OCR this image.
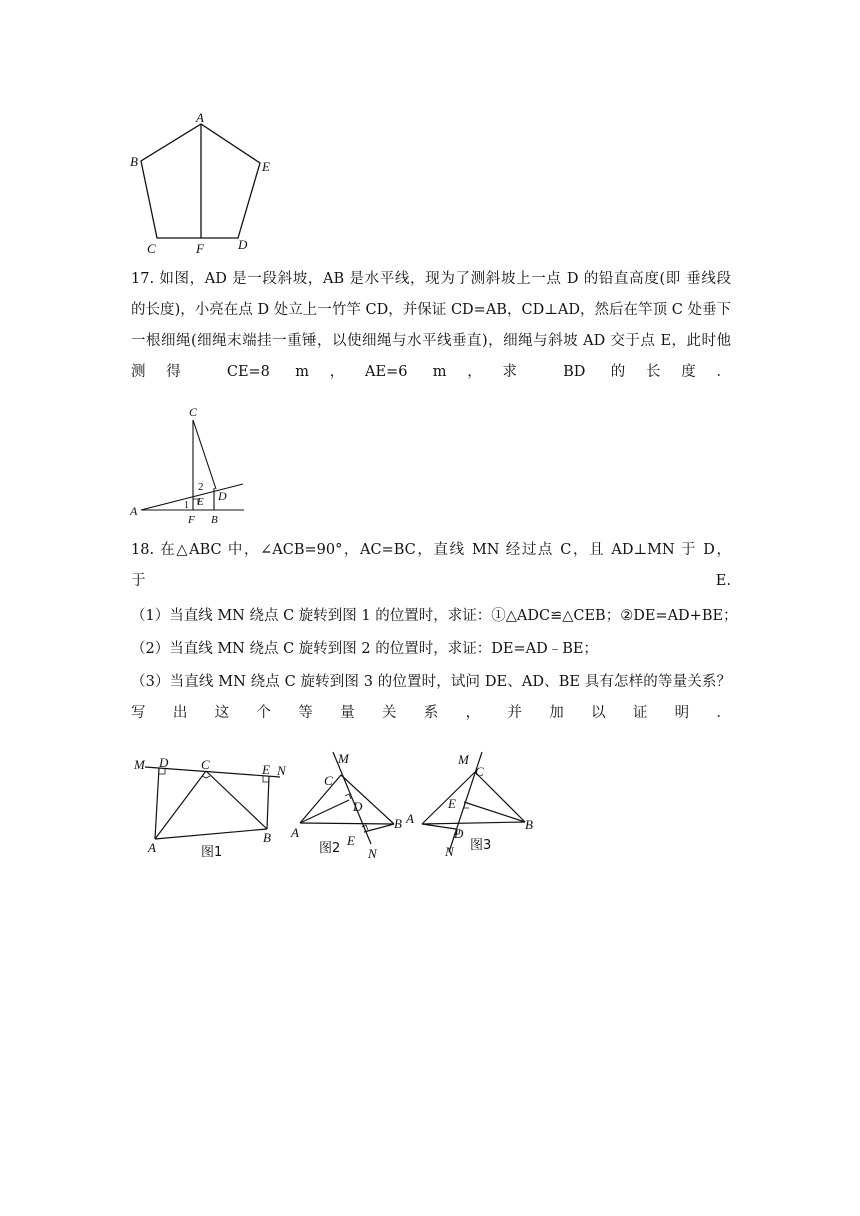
A
B	E
C	F	D
17. 如图，AD 是一段斜坡，AB 是水平线，现为了测斜坡上一点 D 的铅直高度(即 垂线段
的长度)，小亮在点 D 处立上一竹竿 CD，并保证 CD=AB，CD⊥AD，然后在竿顶 C 处垂下
一根细绳(细绳末端挂一重锤，以使细绳与水平线垂直)，细绳与斜坡 AD 交于点 E，此时他
测得 CE=8 m，AE=6 m，求 BD 的长度．
C
2
E D
1
A
F B
18. 在△ABC 中，∠ACB=90°，AC=BC，直线 MN 经过点 C，且 AD⊥MN 于 D，
于 E.
（1）当直线 MN 绕点 C 旋转到图 1 的位置时，求证：①△ADC≌△CEB；②DE=AD+BE；
（2）当直线 MN 绕点 C 旋转到图 2 的位置时，求证：DE=AD﹣BE；
（3）当直线 MN 绕点 C 旋转到图 3 的位置时，试问 DE、AD、BE 具有怎样的等量关系？
写出这个等量关系，并加以证明．
M D	C	E N
A
B
图1
M
C
D
A
E
B
N
图2
M
C
E
A
D
B
N 图3
